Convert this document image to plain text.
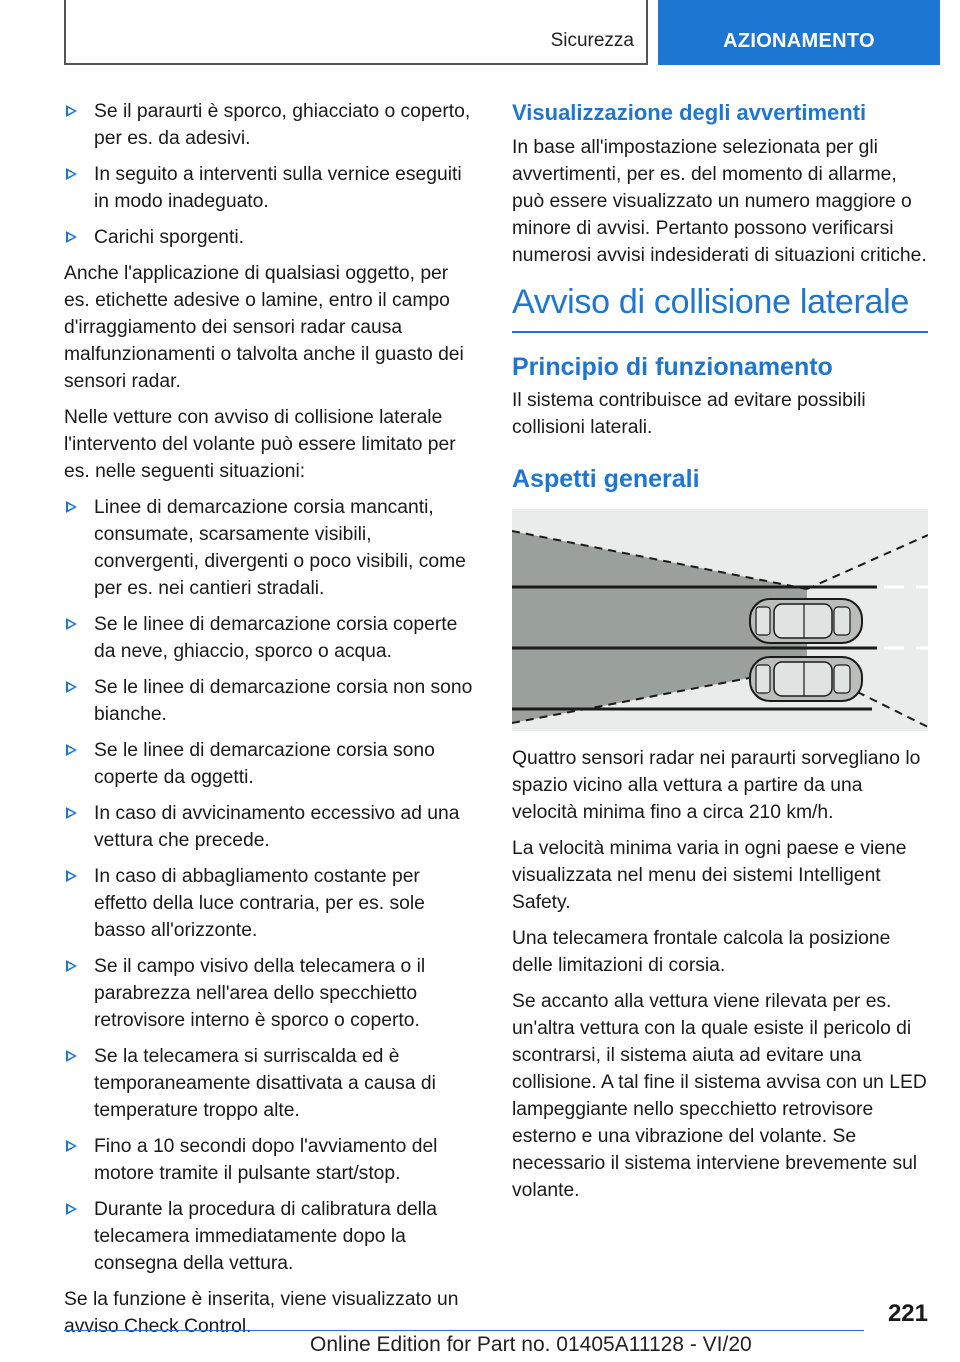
Sicurezza	AZIONAMENTO
Se il paraurti è sporco, ghiacciato o coperto, per es. da adesivi.
In seguito a interventi sulla vernice eseguiti in modo inadeguato.
Carichi sporgenti.

Anche l'applicazione di qualsiasi oggetto, per es. etichette adesive o lamine, entro il campo d'irraggiamento dei sensori radar causa malfunzionamenti o talvolta anche il guasto dei sensori radar.

Nelle vetture con avviso di collisione laterale l'intervento del volante può essere limitato per es. nelle seguenti situazioni:

Linee di demarcazione corsia mancanti, consumate, scarsamente visibili, convergenti, divergenti o poco visibili, come per es. nei cantieri stradali.
Se le linee di demarcazione corsia coperte da neve, ghiaccio, sporco o acqua.
Se le linee di demarcazione corsia non sono bianche.
Se le linee di demarcazione corsia sono coperte da oggetti.
In caso di avvicinamento eccessivo ad una vettura che precede.
In caso di abbagliamento costante per effetto della luce contraria, per es. sole basso all'orizzonte.
Se il campo visivo della telecamera o il parabrezza nell'area dello specchietto retrovisore interno è sporco o coperto.
Se la telecamera si surriscalda ed è temporaneamente disattivata a causa di temperature troppo alte.
Fino a 10 secondi dopo l'avviamento del motore tramite il pulsante start/stop.
Durante la procedura di calibratura della telecamera immediatamente dopo la consegna della vettura.

Se la funzione è inserita, viene visualizzato un avviso Check Control.

Visualizzazione degli avvertimenti

In base all'impostazione selezionata per gli avvertimenti, per es. del momento di allarme, può essere visualizzato un numero maggiore o minore di avvisi. Pertanto possono verificarsi numerosi avvisi indesiderati di situazioni critiche.

Avviso di collisione laterale
Principio di funzionamento

Il sistema contribuisce ad evitare possibili collisioni laterali.

Aspetti generali

Quattro sensori radar nei paraurti sorvegliano lo spazio vicino alla vettura a partire da una velocità minima fino a circa 210 km/h.

La velocità minima varia in ogni paese e viene visualizzata nel menu dei sistemi Intelligent Safety.

Una telecamera frontale calcola la posizione delle limitazioni di corsia.

Se accanto alla vettura viene rilevata per es. un'altra vettura con la quale esiste il pericolo di scontrarsi, il sistema aiuta ad evitare una collisione. A tal fine il sistema avvisa con un LED lampeggiante nello specchietto retrovisore esterno e una vibrazione del volante. Se necessario il sistema interviene brevemente sul volante.

221
Online Edition for Part no. 01405A11128 - VI/20
